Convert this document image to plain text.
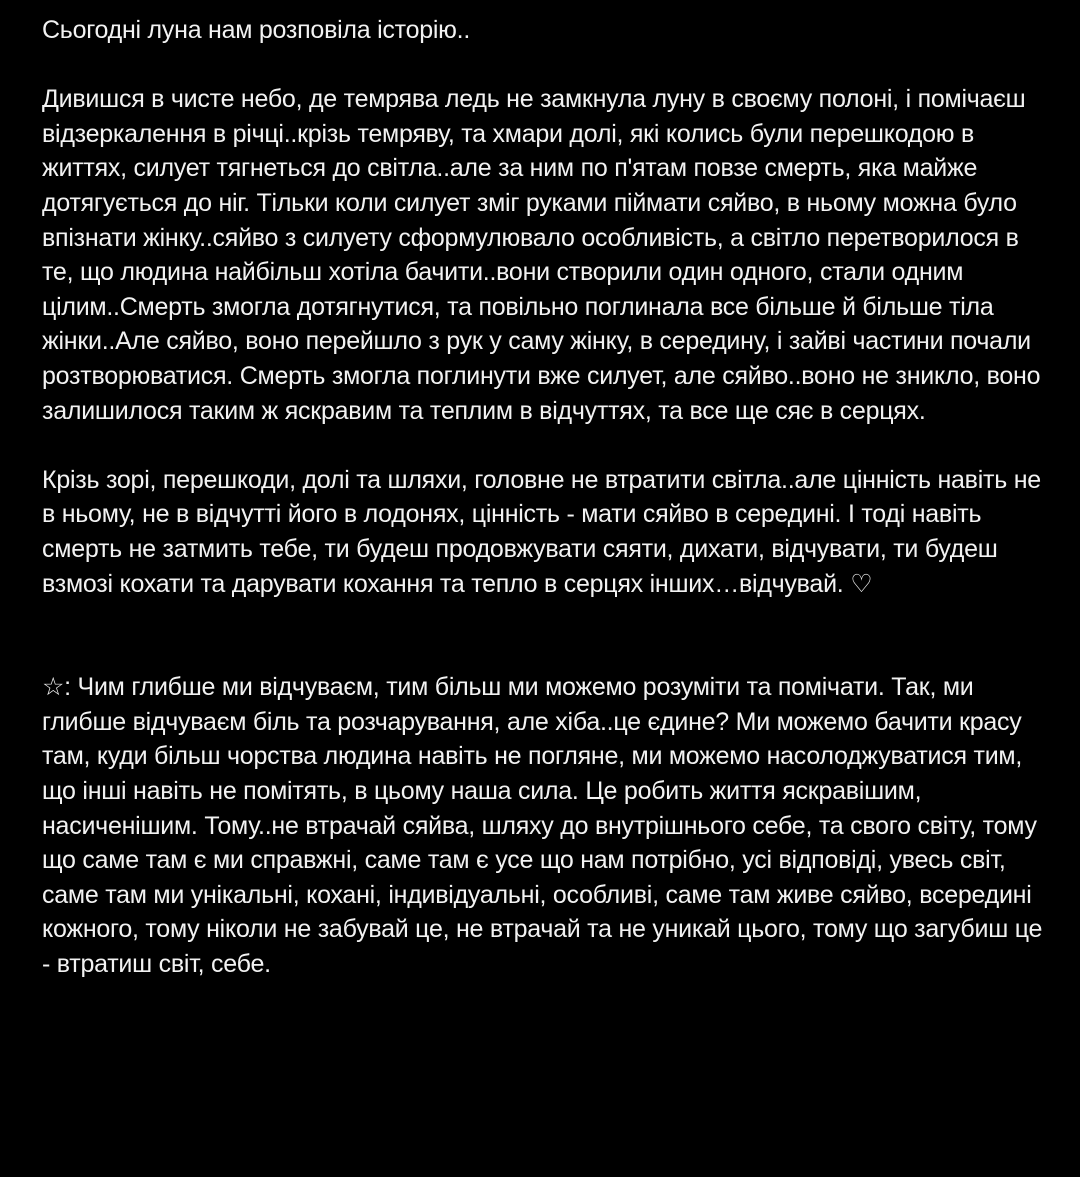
Сьогодні луна нам розповіла історію..

Дивишся в чисте небо, де темрява ледь не замкнула луну в своєму полоні, і помічаєш відзеркалення в річці..крізь темряву, та хмари долі, які колись були перешкодою в життях, силует тягнеться до світла..але за ним по п'ятам повзе смерть, яка майже дотягується до ніг. Тільки коли силует зміг руками піймати сяйво, в ньому можна було впізнати жінку..сяйво з силуету сформулювало особливість, а світло перетворилося в те, що людина найбільш хотіла бачити..вони створили один одного, стали одним цілим..Смерть змогла дотягнутися, та повільно поглинала все більше й більше тіла жінки..Але сяйво, воно перейшло з рук у саму жінку, в середину, і зайві частини почали розтворюватися. Смерть змогла поглинути вже силует, але сяйво..воно не зникло, воно залишилося таким ж яскравим та теплим в відчуттях, та все ще сяє в серцях.

Крізь зорі, перешкоди, долі та шляхи, головне не втратити світла..але цінність навіть не в ньому, не в відчутті його в лодонях, цінність - мати сяйво в середині. І тоді навіть смерть не затмить тебе, ти будеш продовжувати сяяти, дихати, відчувати, ти будеш взмозі кохати та дарувати кохання та тепло в серцях інших…відчувай. ♡

☆: Чим глибше ми відчуваєм, тим більш ми можемо розуміти та помічати. Так, ми глибше відчуваєм біль та розчарування, але хіба..це єдине? Ми можемо бачити красу там, куди більш чорства людина навіть не погляне, ми можемо насолоджуватися тим, що інші навіть не помітять, в цьому наша сила. Це робить життя яскравішим, насиченішим. Тому..не втрачай сяйва, шляху до внутрішнього себе, та свого світу, тому що саме там є ми справжні, саме там є усе що нам потрібно, усі відповіді, увесь світ, саме там ми унікальні, кохані, індивідуальні, особливі, саме там живе сяйво, всередині кожного, тому ніколи не забувай це, не втрачай та не уникай цього, тому що загубиш це - втратиш світ, себе.
